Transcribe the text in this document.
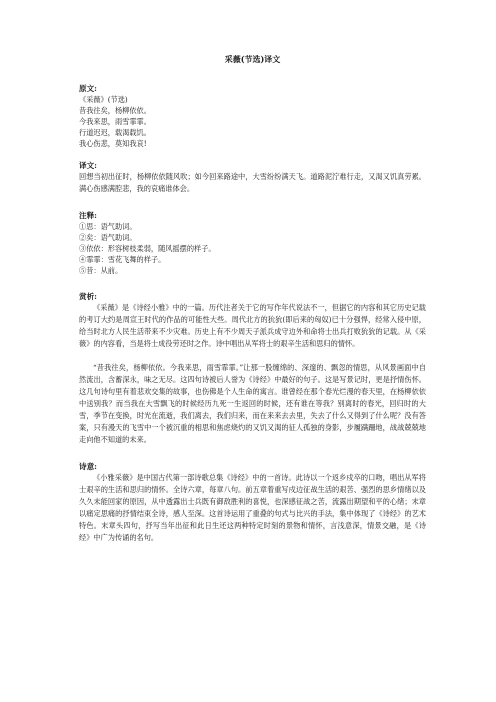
采薇(节选)译文
原文:
《采薇》(节选)
昔我往矣，杨柳依依。
今我来思，雨雪霏霏。
行道迟迟，载渴载饥。
我心伤悲，莫知我哀!
译文:
回想当初出征时，杨柳依依随风吹；如今回来路途中，大雪纷纷满天飞。道路泥泞难行走，又渴又饥真劳累。满心伤感满腔悲，我的哀痛谁体会。
注释:
①思：语气助词。
②矣：语气助词。
③依依：形容树枝柔弱，随风摇摆的样子。
④霏霏：雪花飞舞的样子。
⑤昔：从前。
赏析:
《采薇》是《诗经小雅》中的一篇。历代注者关于它的写作年代说法不一，但据它的内容和其它历史记载的考订大约是周宣王时代的作品的可能性大些。周代北方的狁狁(即后来的匈奴)已十分强悍，经常入侵中原，给当时北方人民生活带来不少灾难。历史上有不少周天子派兵成守边外和命将士出兵打败狁狁的记载。从《采薇》的内容看，当是将士成役劳还时之作。诗中唱出从军将士的艰辛生活和思归的情怀。
“昔我往矣，杨柳依依。今我来思，雨雪霏霏。”让那一股缠绵的、深邃的、飘忽的情思，从风景画面中自然流出，含蓄深永，味之无尽。这四句诗被后人誉为《诗经》中最好的句子。这是写景记时，更是抒情伤怀。这几句诗句里有着悲欢交集的故事，也伤佛是个人生命的寓言。谁曾经在那个春光烂漫的春天里，在杨柳依依中送别我？而当我在大雪飘飞的时候经历九死一生返回的时候，还有谁在等我？别离时的春光，回归时的大雪，季节在变换，时光在流逝，我们离去，我们归来，而在来来去去里，失去了什么又得到了什么呢？没有答案，只有漫天的飞雪中一个被沉重的相思和焦虑烧灼的又饥又渴的征人孤独的身影，步履蹒跚地，战战兢兢地走向他不知道的未来。
诗意:
《小雅采薇》是中国古代第一部诗歌总集《诗经》中的一首诗。此诗以一个返乡戍卒的口吻，唱出从军将士艰辛的生活和思归的情怀。全诗六章，每章八句。前五章着重写戍边征战生活的艰苦、强烈的思乡情绪以及久久未能回家的原因，从中透露出士兵既有御敌胜利的喜悦，也深感征战之苦，流露出期望和平的心绪；末章以痛定思痛的抒情结束全诗，感人至深。这首诗运用了重叠的句式与比兴的手法，集中体现了《诗经》的艺术特色。末章头四句，抒写当年出征和此日生还这两种特定时刻的景物和情怀，言浅意深，情景交融，是《诗经》中广为传诵的名句。
